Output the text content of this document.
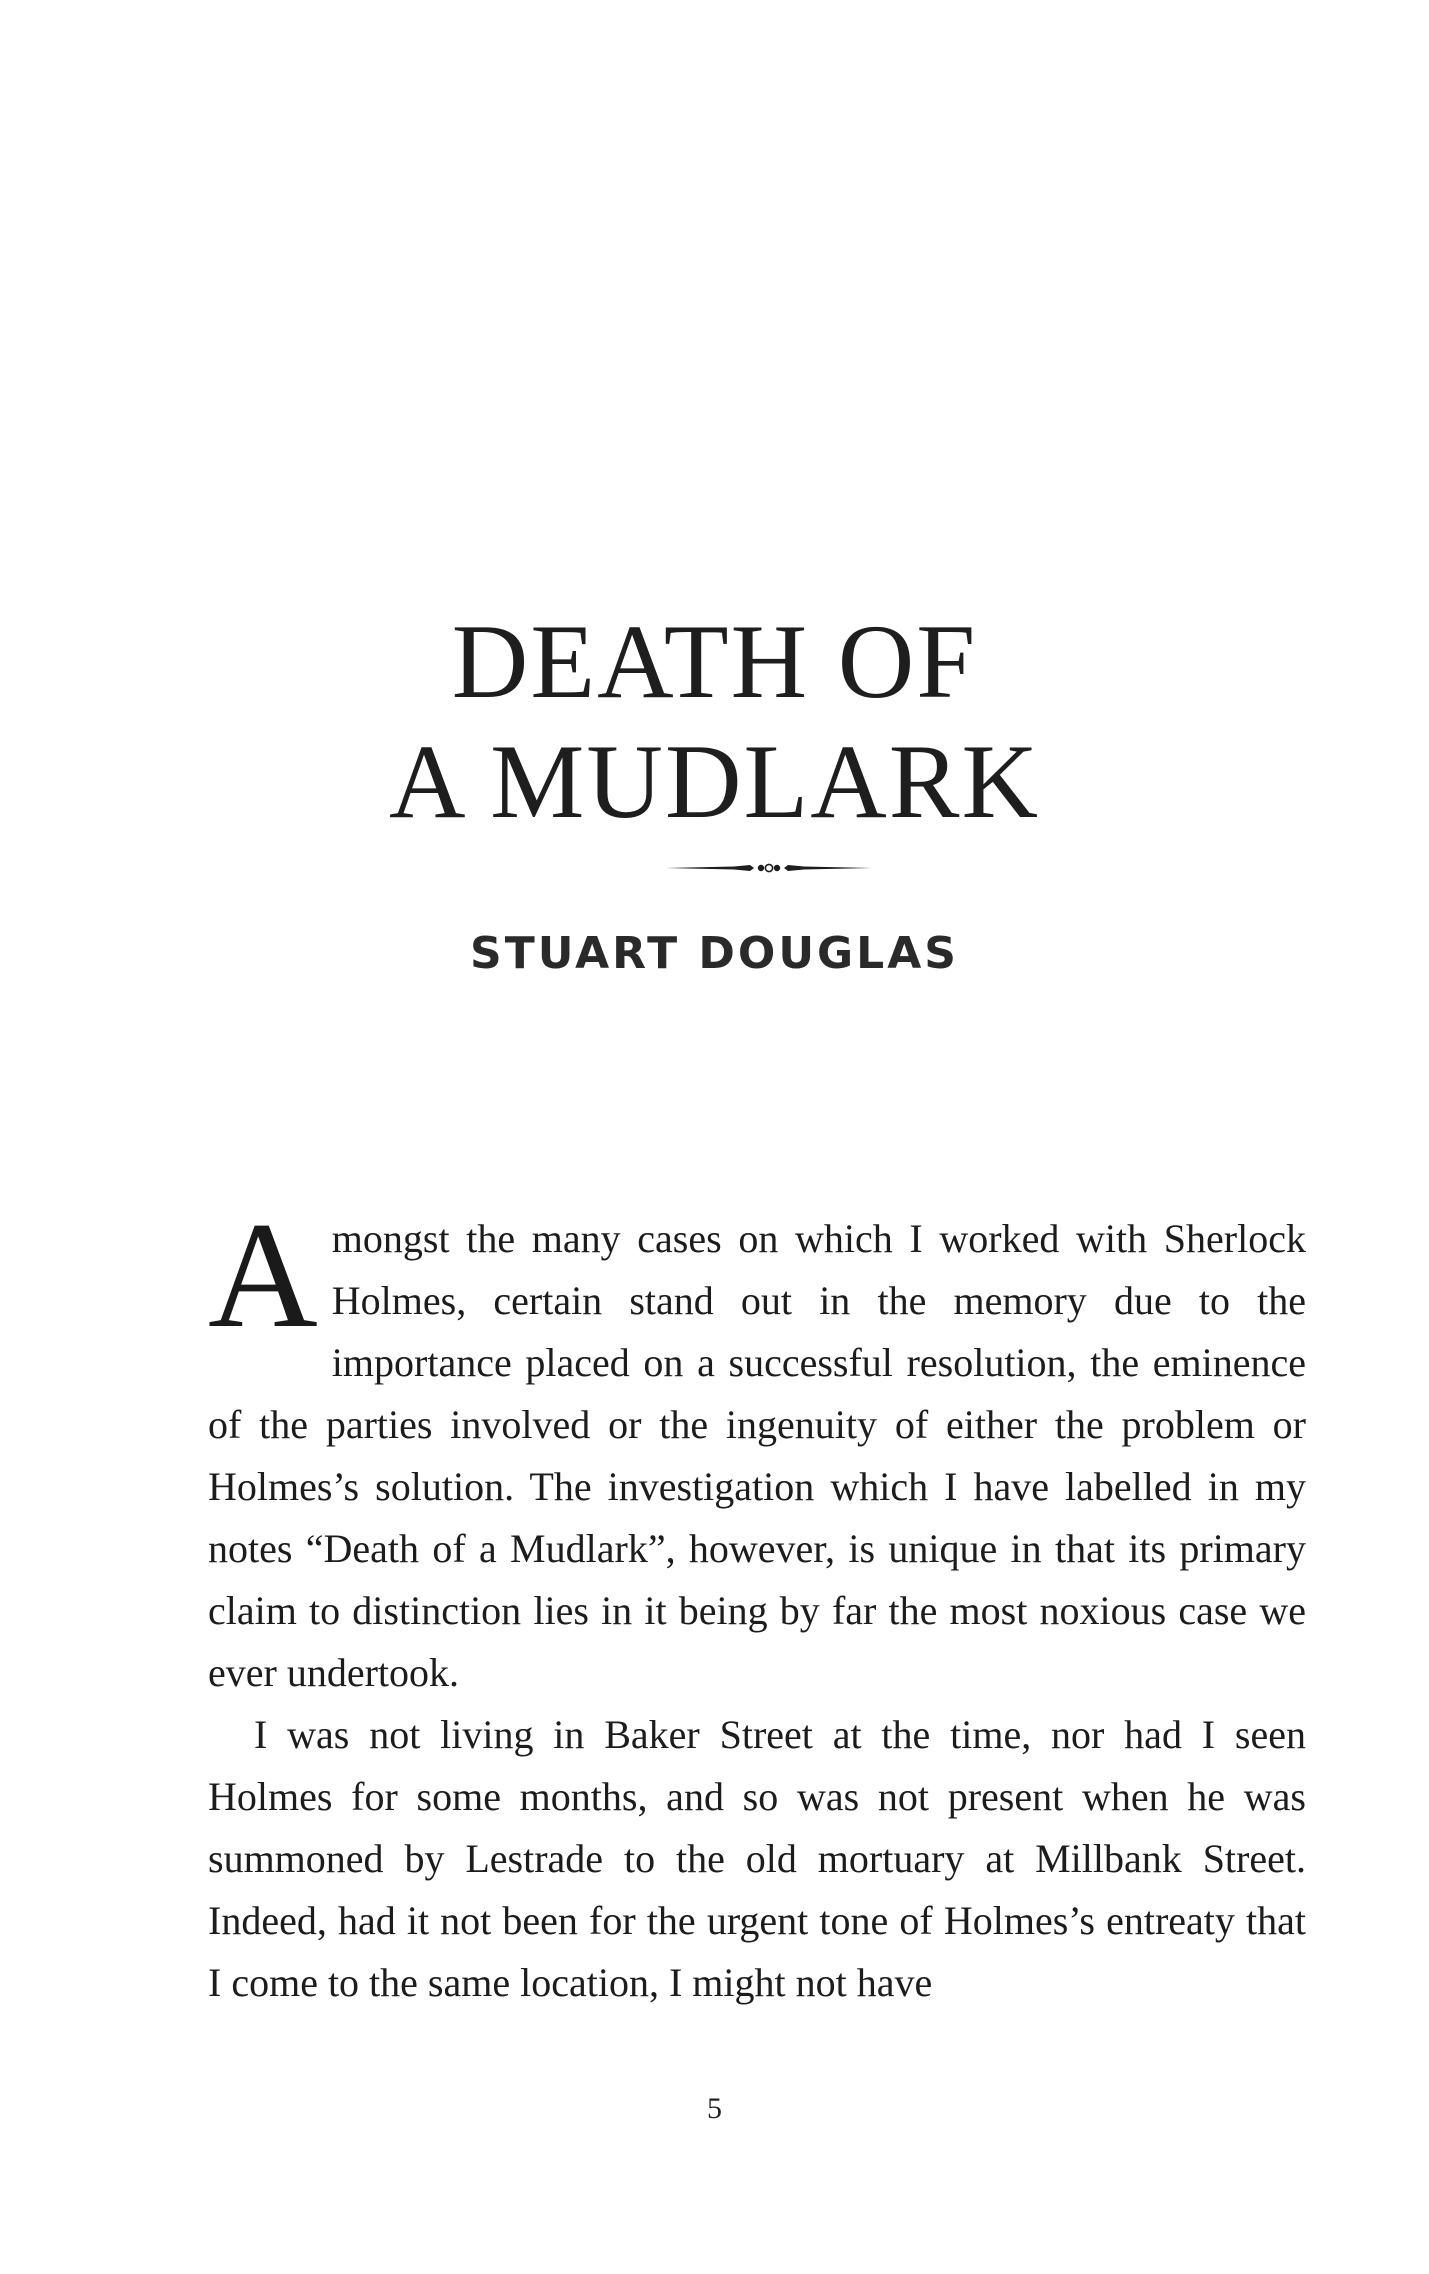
DEATH OF
A MUDLARK
STUART DOUGLAS

Amongst the many cases on which I worked with Sherlock Holmes, certain stand out in the memory due to the importance placed on a successful resolution, the eminence of the parties involved or the ingenuity of either the problem or Holmes’s solution. The investigation which I have labelled in my notes “Death of a Mudlark”, however, is unique in that its primary claim to distinction lies in it being by far the most noxious case we ever undertook.

I was not living in Baker Street at the time, nor had I seen Holmes for some months, and so was not present when he was summoned by Lestrade to the old mortuary at Millbank Street. Indeed, had it not been for the urgent tone of Holmes’s entreaty that I come to the same location, I might not have

5
